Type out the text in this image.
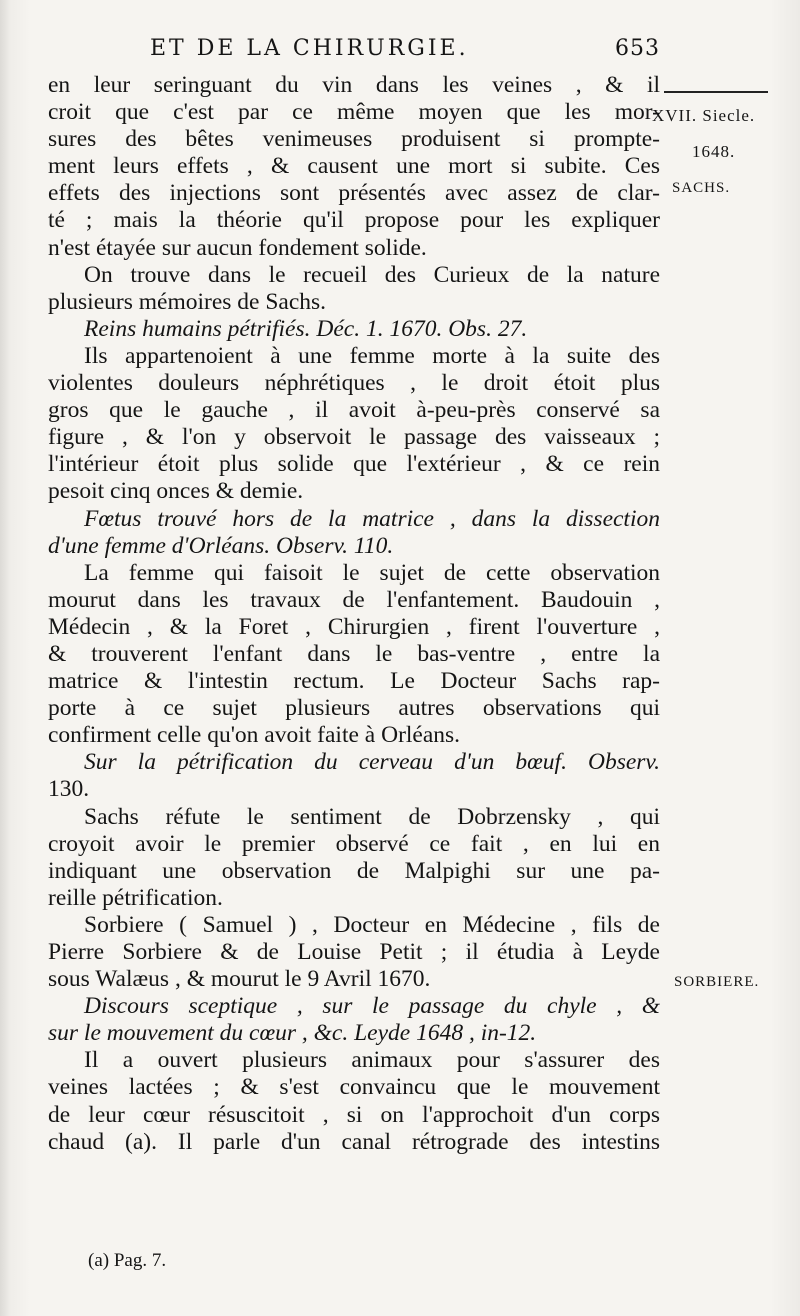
ET DE LA CHIRURGIE.	653
XVII. Siecle.
1648.
SACHS.
SORBIERE.
en leur seringuant du vin dans les veines , & il
croit que c'est par ce même moyen que les mor-
sures des bêtes venimeuses produisent si prompte-
ment leurs effets , & causent une mort si subite. Ces
effets des injections sont présentés avec assez de clar-
té ; mais la théorie qu'il propose pour les expliquer
n'est étayée sur aucun fondement solide.
On trouve dans le recueil des Curieux de la nature
plusieurs mémoires de Sachs.
Reins humains pétrifiés. Déc. 1. 1670. Obs. 27.
Ils appartenoient à une femme morte à la suite des
violentes douleurs néphrétiques , le droit étoit plus
gros que le gauche , il avoit à-peu-près conservé sa
figure , & l'on y observoit le passage des vaisseaux ;
l'intérieur étoit plus solide que l'extérieur , & ce rein
pesoit cinq onces & demie.
Fœtus trouvé hors de la matrice , dans la dissection
d'une femme d'Orléans. Observ. 110.
La femme qui faisoit le sujet de cette observation
mourut dans les travaux de l'enfantement. Baudouin ,
Médecin , & la Foret , Chirurgien , firent l'ouverture ,
& trouverent l'enfant dans le bas-ventre , entre la
matrice & l'intestin rectum. Le Docteur Sachs rap-
porte à ce sujet plusieurs autres observations qui
confirment celle qu'on avoit faite à Orléans.
Sur la pétrification du cerveau d'un bœuf. Observ.
130.
Sachs réfute le sentiment de Dobrzensky , qui
croyoit avoir le premier observé ce fait , en lui en
indiquant une observation de Malpighi sur une pa-
reille pétrification.
Sorbiere ( Samuel ) , Docteur en Médecine , fils de
Pierre Sorbiere & de Louise Petit ; il étudia à Leyde
sous Walæus , & mourut le 9 Avril 1670.
Discours sceptique , sur le passage du chyle , &
sur le mouvement du cœur , &c. Leyde 1648 , in-12.
Il a ouvert plusieurs animaux pour s'assurer des
veines lactées ; & s'est convaincu que le mouvement
de leur cœur résuscitoit , si on l'approchoit d'un corps
chaud (a). Il parle d'un canal rétrograde des intestins
(a) Pag. 7.
